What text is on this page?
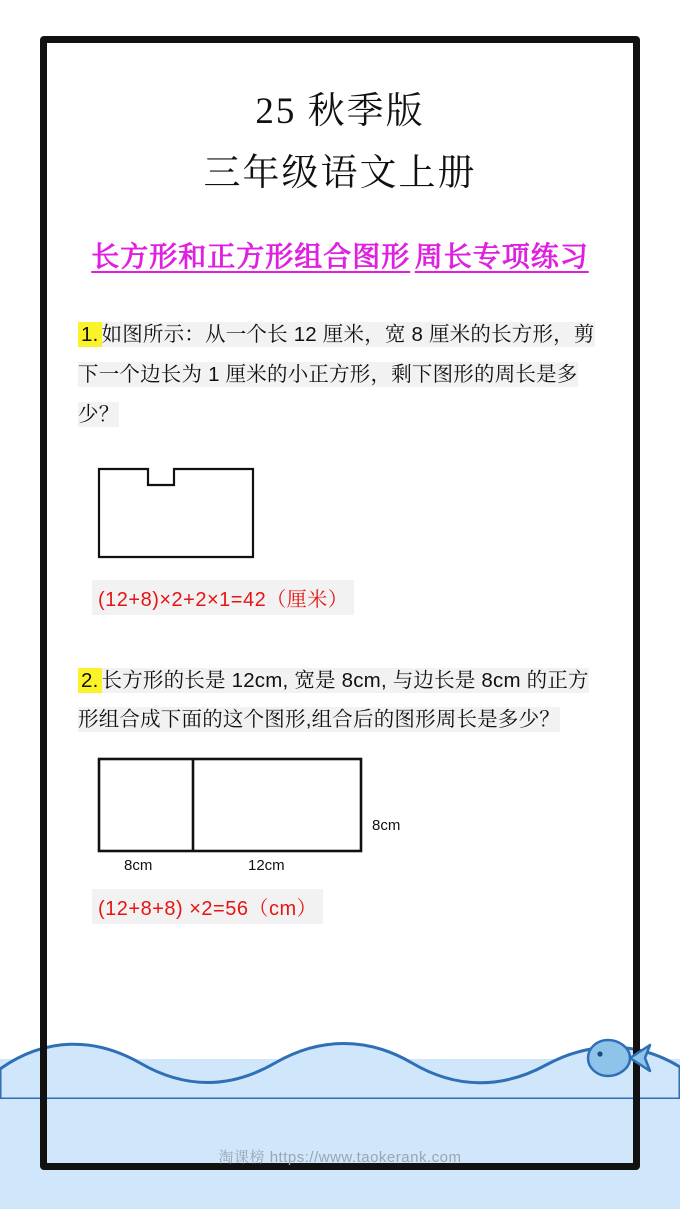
25 秋季版
三年级语文上册
长方形和正方形组合图形 周长专项练习
1. 如图所示：从一个长 12 厘米，宽 8 厘米的长方形，剪下一个边长为 1 厘米的小正方形，剩下图形的周长是多少？
(12+8)×2+2×1=42（厘米）
2. 长方形的长是 12cm, 宽是 8cm, 与边长是 8cm 的正方形组合成下面的这个图形,组合后的图形周长是多少？
8cm
8cm	12cm
(12+8+8) ×2=56（cm）
淘课榜 https://www.taokerank.com
